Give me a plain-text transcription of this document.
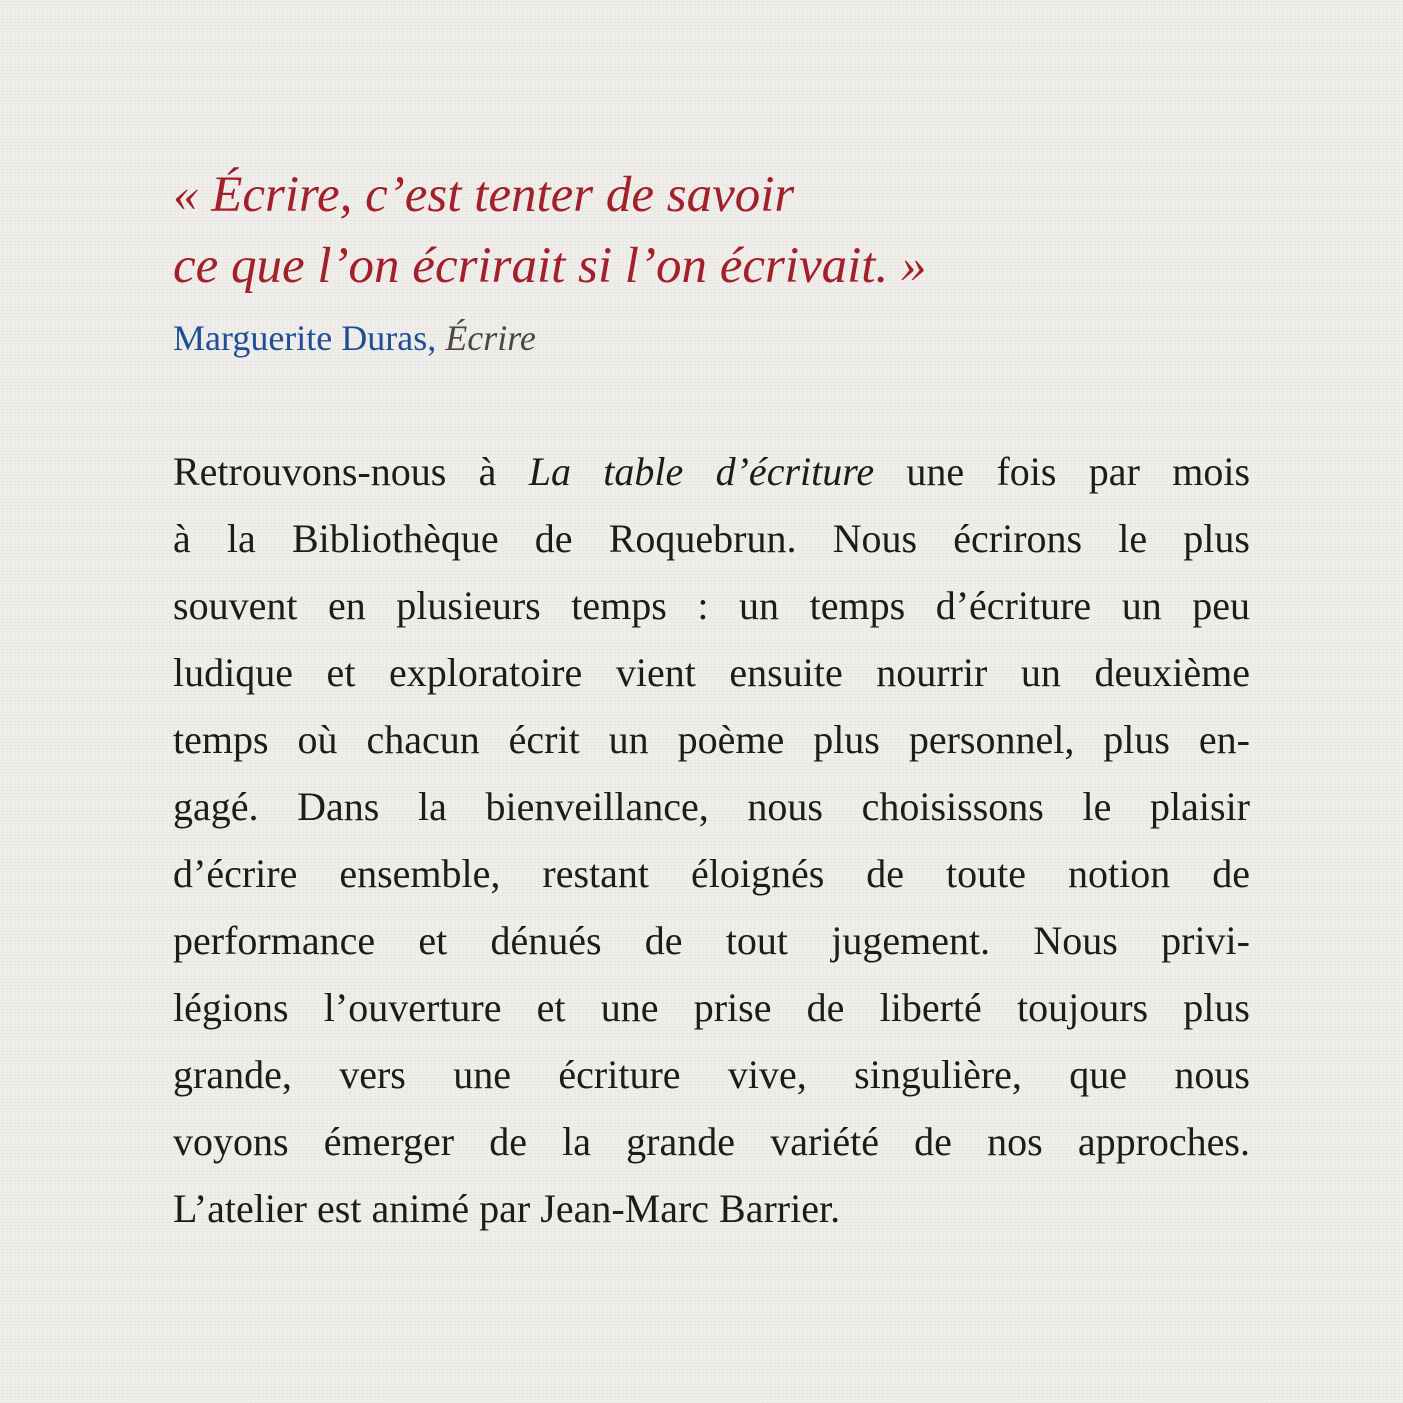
« Écrire, c’est tenter de savoir
ce que l’on écrirait si l’on écrivait. »
Marguerite Duras, Écrire
Retrouvons-nous à La table d’écriture une fois par mois
à la Bibliothèque de Roquebrun. Nous écrirons le plus
souvent en plusieurs temps : un temps d’écriture un peu
ludique et exploratoire vient ensuite nourrir un deuxième
temps où chacun écrit un poème plus personnel, plus en-
gagé. Dans la bienveillance, nous choisissons le plaisir
d’écrire ensemble, restant éloignés de toute notion de
performance et dénués de tout jugement. Nous privi-
légions l’ouverture et une prise de liberté toujours plus
grande, vers une écriture vive, singulière, que nous
voyons émerger de la grande variété de nos approches.
L’atelier est animé par Jean-Marc Barrier.
